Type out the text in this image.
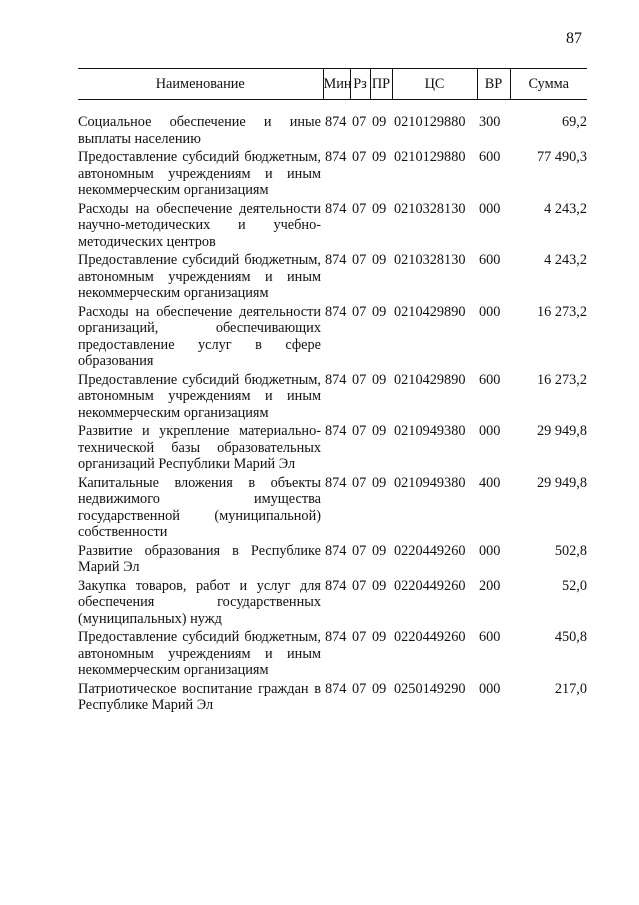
87
Наименование	Мин	Рз	ПР	ЦС	ВР	Сумма

Социальное обеспечение и иные выплаты населению	874	07	09	0210129880	300	69,2
Предоставление субсидий бюджетным, автономным учреждениям и иным некоммерческим организациям	874	07	09	0210129880	600	77 490,3
Расходы на обеспечение деятельности научно-методических и учебно-методических центров	874	07	09	0210328130	000	4 243,2
Предоставление субсидий бюджетным, автономным учреждениям и иным некоммерческим организациям	874	07	09	0210328130	600	4 243,2
Расходы на обеспечение деятельности организаций, обеспечивающих предоставление услуг в сфере образования	874	07	09	0210429890	000	16 273,2
Предоставление субсидий бюджетным, автономным учреждениям и иным некоммерческим организациям	874	07	09	0210429890	600	16 273,2
Развитие и укрепление материально-технической базы образовательных организаций Республики Марий Эл	874	07	09	0210949380	000	29 949,8
Капитальные вложения в объекты недвижимого имущества государственной (муниципальной) собственности	874	07	09	0210949380	400	29 949,8
Развитие образования в Республике Марий Эл	874	07	09	0220449260	000	502,8
Закупка товаров, работ и услуг для обеспечения государственных (муниципальных) нужд	874	07	09	0220449260	200	52,0
Предоставление субсидий бюджетным, автономным учреждениям и иным некоммерческим организациям	874	07	09	0220449260	600	450,8
Патриотическое воспитание граждан в Республике Марий Эл	874	07	09	0250149290	000	217,0
